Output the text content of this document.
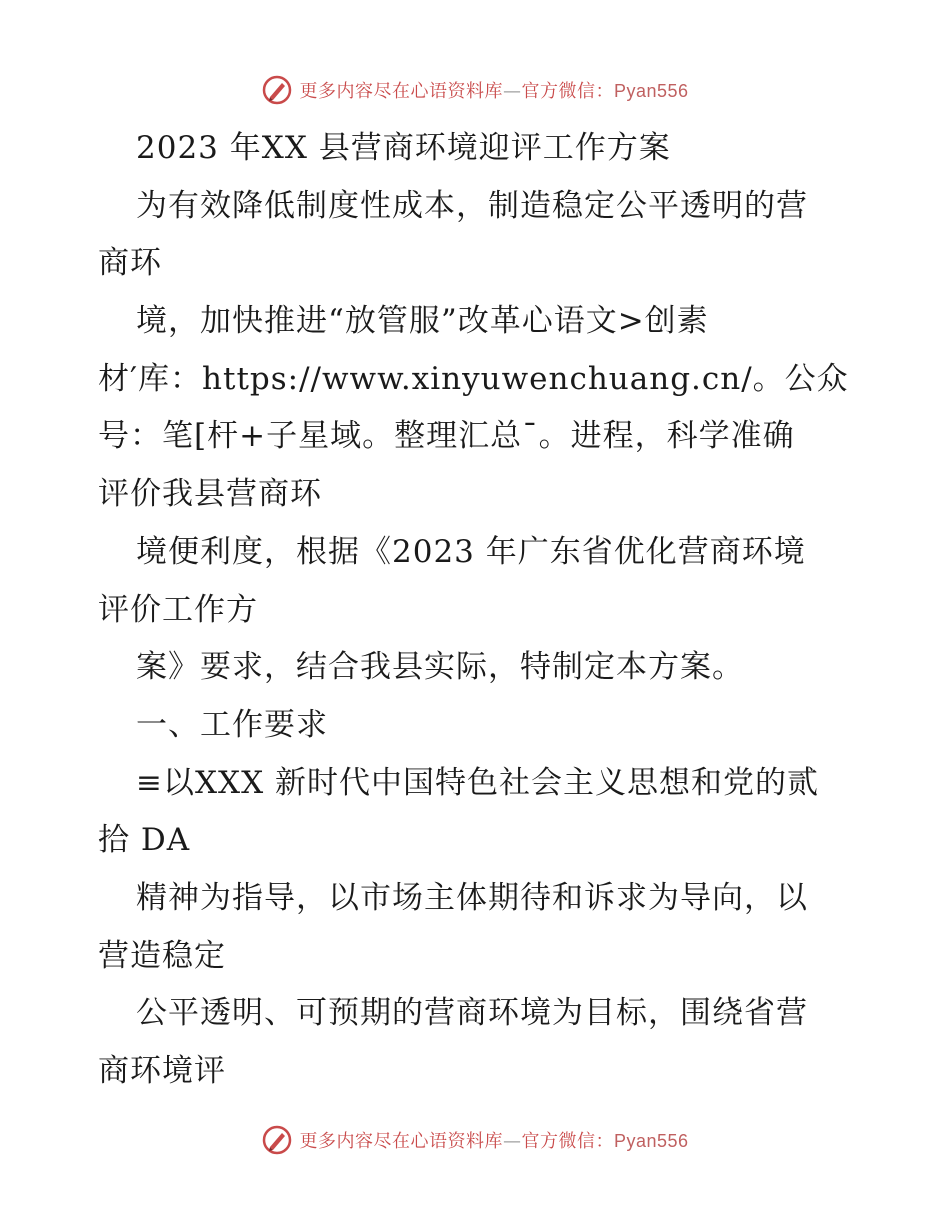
更多内容尽在心语资料库—官方微信：Pyan556
2023 年XX 县营商环境迎评工作方案
为有效降低制度性成本，制造稳定公平透明的营
商环
境，加快推进“放管服”改革心语文>创素
材′库：https://www.xinyuwenchuang.cn/。公众
号：笔[杆+子星域。整理汇总¯。进程，科学准确
评价我县营商环
境便利度，根据《2023 年广东省优化营商环境
评价工作方
案》要求，结合我县实际，特制定本方案。
一、工作要求
≡以XXX 新时代中国特色社会主义思想和党的贰
拾 DA
精神为指导，以市场主体期待和诉求为导向，以
营造稳定
公平透明、可预期的营商环境为目标，围绕省营
商环境评
更多内容尽在心语资料库—官方微信：Pyan556
